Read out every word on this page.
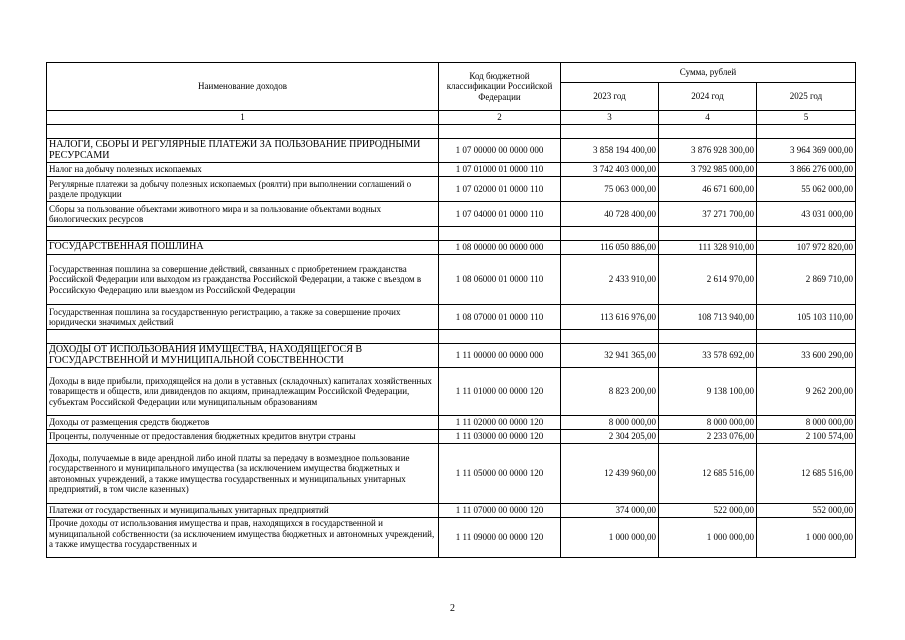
Наименование доходов	Код бюджетной классификации Российской Федерации	Сумма, рублей		
		2023 год	2024 год	2025 год
1	2	3	4	5

НАЛОГИ, СБОРЫ И РЕГУЛЯРНЫЕ ПЛАТЕЖИ ЗА ПОЛЬЗОВАНИЕ ПРИРОДНЫМИ РЕСУРСАМИ	1 07 00000 00 0000 000	3 858 194 400,00	3 876 928 300,00	3 964 369 000,00
Налог на добычу полезных ископаемых	1 07 01000 01 0000 110	3 742 403 000,00	3 792 985 000,00	3 866 276 000,00
Регулярные платежи за добычу полезных ископаемых (роялти) при выполнении соглашений о разделе продукции	1 07 02000 01 0000 110	75 063 000,00	46 671 600,00	55 062 000,00
Сборы за пользование объектами животного мира и за пользование объектами водных биологических ресурсов	1 07 04000 01 0000 110	40 728 400,00	37 271 700,00	43 031 000,00

ГОСУДАРСТВЕННАЯ ПОШЛИНА	1 08 00000 00 0000 000	116 050 886,00	111 328 910,00	107 972 820,00
Государственная пошлина за совершение действий, связанных с приобретением гражданства Российской Федерации или выходом из гражданства Российской Федерации, а также с въездом в Российскую Федерацию или выездом из Российской Федерации	1 08 06000 01 0000 110	2 433 910,00	2 614 970,00	2 869 710,00
Государственная пошлина за государственную регистрацию, а также за совершение прочих юридически значимых действий	1 08 07000 01 0000 110	113 616 976,00	108 713 940,00	105 103 110,00

ДОХОДЫ ОТ ИСПОЛЬЗОВАНИЯ ИМУЩЕСТВА, НАХОДЯЩЕГОСЯ В ГОСУДАРСТВЕННОЙ И МУНИЦИПАЛЬНОЙ СОБСТВЕННОСТИ	1 11 00000 00 0000 000	32 941 365,00	33 578 692,00	33 600 290,00
Доходы в виде прибыли, приходящейся на доли в уставных (складочных) капиталах хозяйственных товариществ и обществ, или дивидендов по акциям, принадлежащим Российской Федерации, субъектам Российской Федерации или муниципальным образованиям	1 11 01000 00 0000 120	8 823 200,00	9 138 100,00	9 262 200,00
Доходы от размещения средств бюджетов	1 11 02000 00 0000 120	8 000 000,00	8 000 000,00	8 000 000,00
Проценты, полученные от предоставления бюджетных кредитов внутри страны	1 11 03000 00 0000 120	2 304 205,00	2 233 076,00	2 100 574,00
Доходы, получаемые в виде арендной либо иной платы за передачу в возмездное пользование государственного и муниципального имущества (за исключением имущества бюджетных и автономных учреждений, а также имущества государственных и муниципальных унитарных предприятий, в том числе казенных)	1 11 05000 00 0000 120	12 439 960,00	12 685 516,00	12 685 516,00
Платежи от государственных и муниципальных унитарных предприятий	1 11 07000 00 0000 120	374 000,00	522 000,00	552 000,00
Прочие доходы от использования имущества и прав, находящихся в государственной и муниципальной собственности (за исключением имущества бюджетных и автономных учреждений, а также имущества государственных и	1 11 09000 00 0000 120	1 000 000,00	1 000 000,00	1 000 000,00
2
